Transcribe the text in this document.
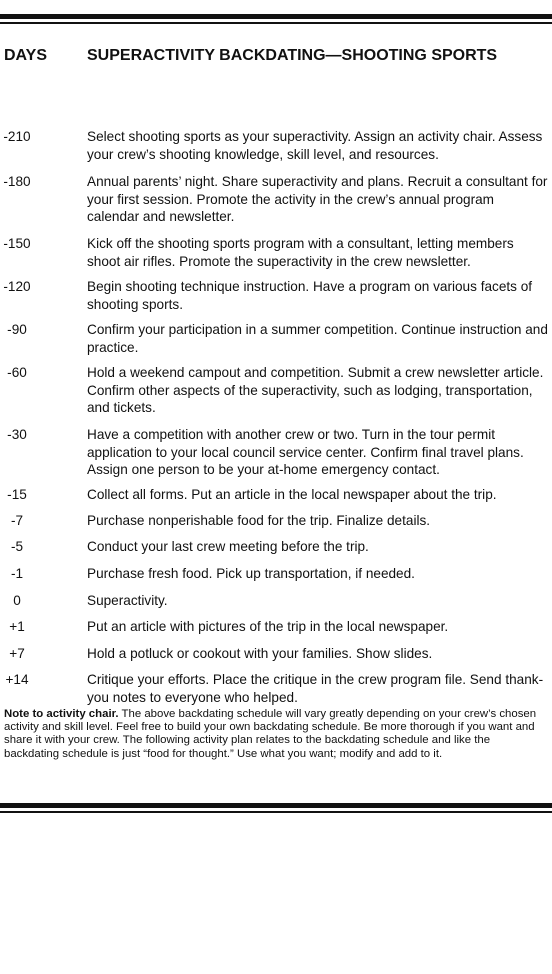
DAYS	SUPERACTIVITY BACKDATING—SHOOTING SPORTS
-210	Select shooting sports as your superactivity. Assign an activity chair. Assess your crew’s shooting knowledge, skill level, and resources.
-180	Annual parents’ night. Share superactivity and plans. Recruit a consultant for your first session. Promote the activity in the crew’s annual program calendar and newsletter.
-150	Kick off the shooting sports program with a consultant, letting members shoot air rifles. Promote the superactivity in the crew newsletter.
-120	Begin shooting technique instruction. Have a program on various facets of shooting sports.
-90	Confirm your participation in a summer competition. Continue instruction and practice.
-60	Hold a weekend campout and competition. Submit a crew newsletter article. Confirm other aspects of the superactivity, such as lodging, transportation, and tickets.
-30	Have a competition with another crew or two. Turn in the tour permit application to your local council service center. Confirm final travel plans. Assign one person to be your at-home emergency contact.
-15	Collect all forms. Put an article in the local newspaper about the trip.
-7	Purchase nonperishable food for the trip. Finalize details.
-5	Conduct your last crew meeting before the trip.
-1	Purchase fresh food. Pick up transportation, if needed.
0	Superactivity.
+1	Put an article with pictures of the trip in the local newspaper.
+7	Hold a potluck or cookout with your families. Show slides.
+14	Critique your efforts. Place the critique in the crew program file. Send thank-you notes to everyone who helped.
Note to activity chair. The above backdating schedule will vary greatly depending on your crew’s chosen activity and skill level. Feel free to build your own backdating schedule. Be more thorough if you want and share it with your crew. The following activity plan relates to the backdating schedule and like the backdating schedule is just “food for thought.” Use what you want; modify and add to it.
